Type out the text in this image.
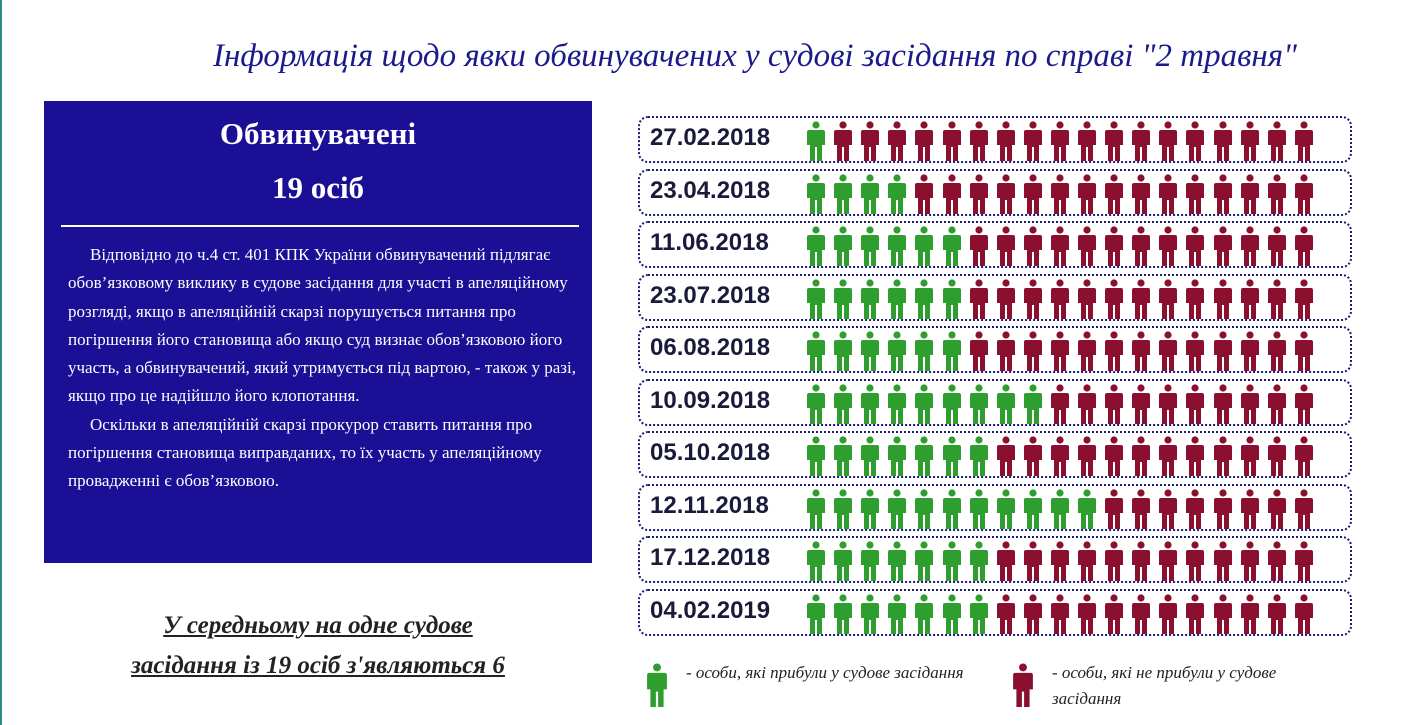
Інформація щодо явки обвинувачених у судові засідання по справі "2 травня"
Обвинувачені
19 осіб

Відповідно до ч.4 ст. 401 КПК України обвинувачений підлягає обов’язковому виклику в судове засідання для участі в апеляційному розгляді, якщо в апеляційній скарзі порушується питання про погіршення його становища або якщо суд визнає обов’язковою його участь, а обвинувачений, який утримується під вартою, - також у разі, якщо про це надійшло його клопотання.

Оскільки в апеляційній скарзі прокурор ставить питання про погіршення становища виправданих, то їх участь у апеляційному провадженні є обов’язковою.

У середньому на одне судове
засідання із 19 осіб з'являються 6
27.02.2018
23.04.2018
11.06.2018
23.07.2018
06.08.2018
10.09.2018
05.10.2018
12.11.2018
17.12.2018
04.02.2019
- особи, які прибули у судове засідання	- особи, які не прибули у судове засідання
